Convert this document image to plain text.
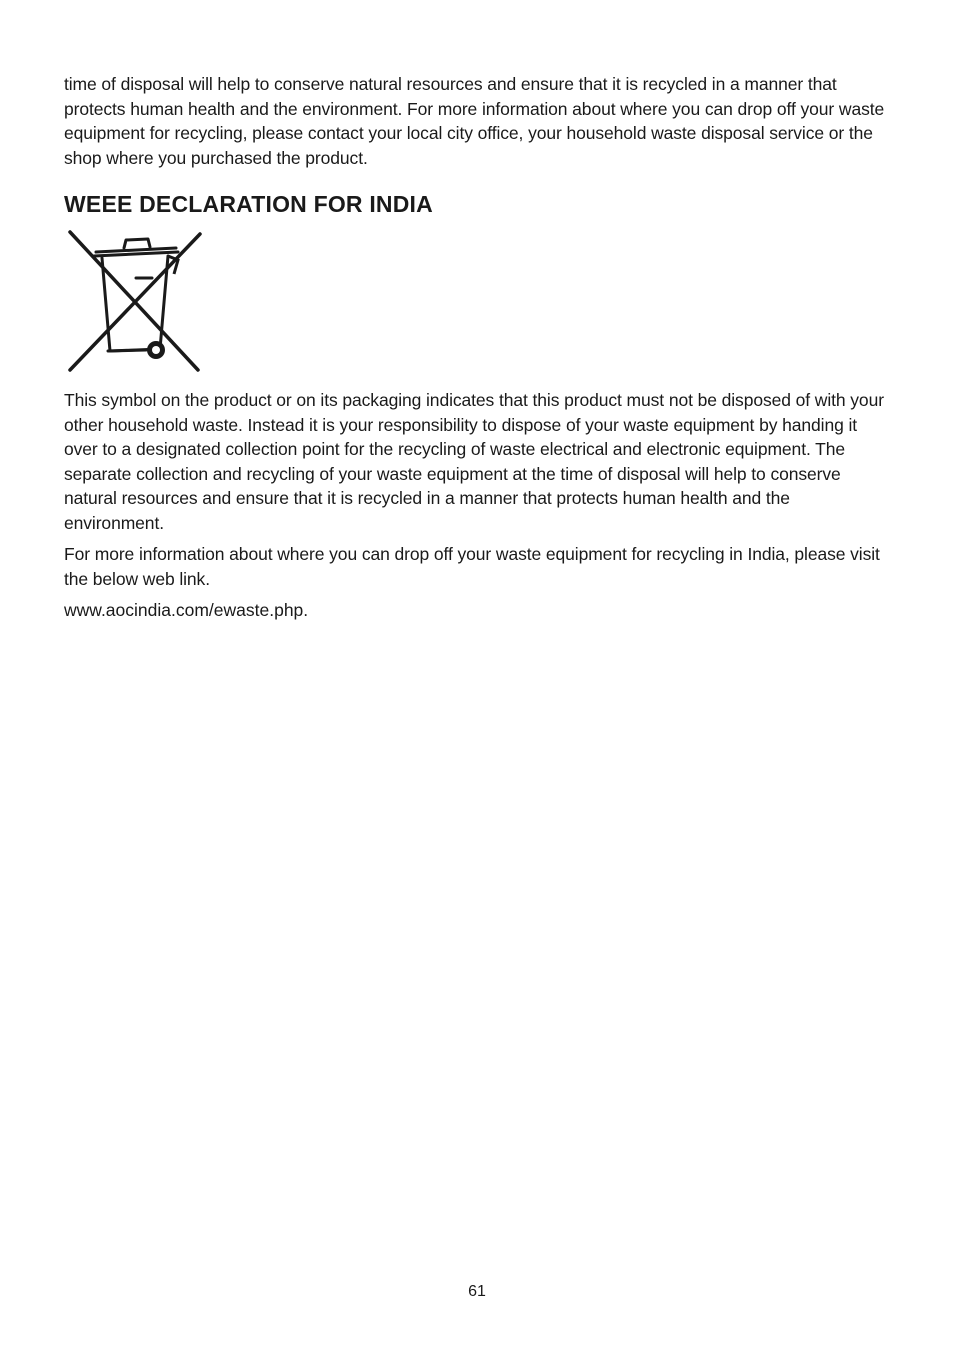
time of disposal will help to conserve natural resources and ensure that it is recycled in a manner that protects human health and the environment. For more information about where you can drop off your waste equipment for recycling, please contact your local city office, your household waste disposal service or the shop where you purchased the product.

WEEE DECLARATION FOR INDIA

This symbol on the product or on its packaging indicates that this product must not be disposed of with your other household waste. Instead it is your responsibility to dispose of your waste equipment by handing it over to a designated collection point for the recycling of waste electrical and electronic equipment. The separate collection and recycling of your waste equipment at the time of disposal will help to conserve natural resources and ensure that it is recycled in a manner that protects human health and the environment.

For more information about where you can drop off your waste equipment for recycling in India, please visit the below web link.

www.aocindia.com/ewaste.php.
61
